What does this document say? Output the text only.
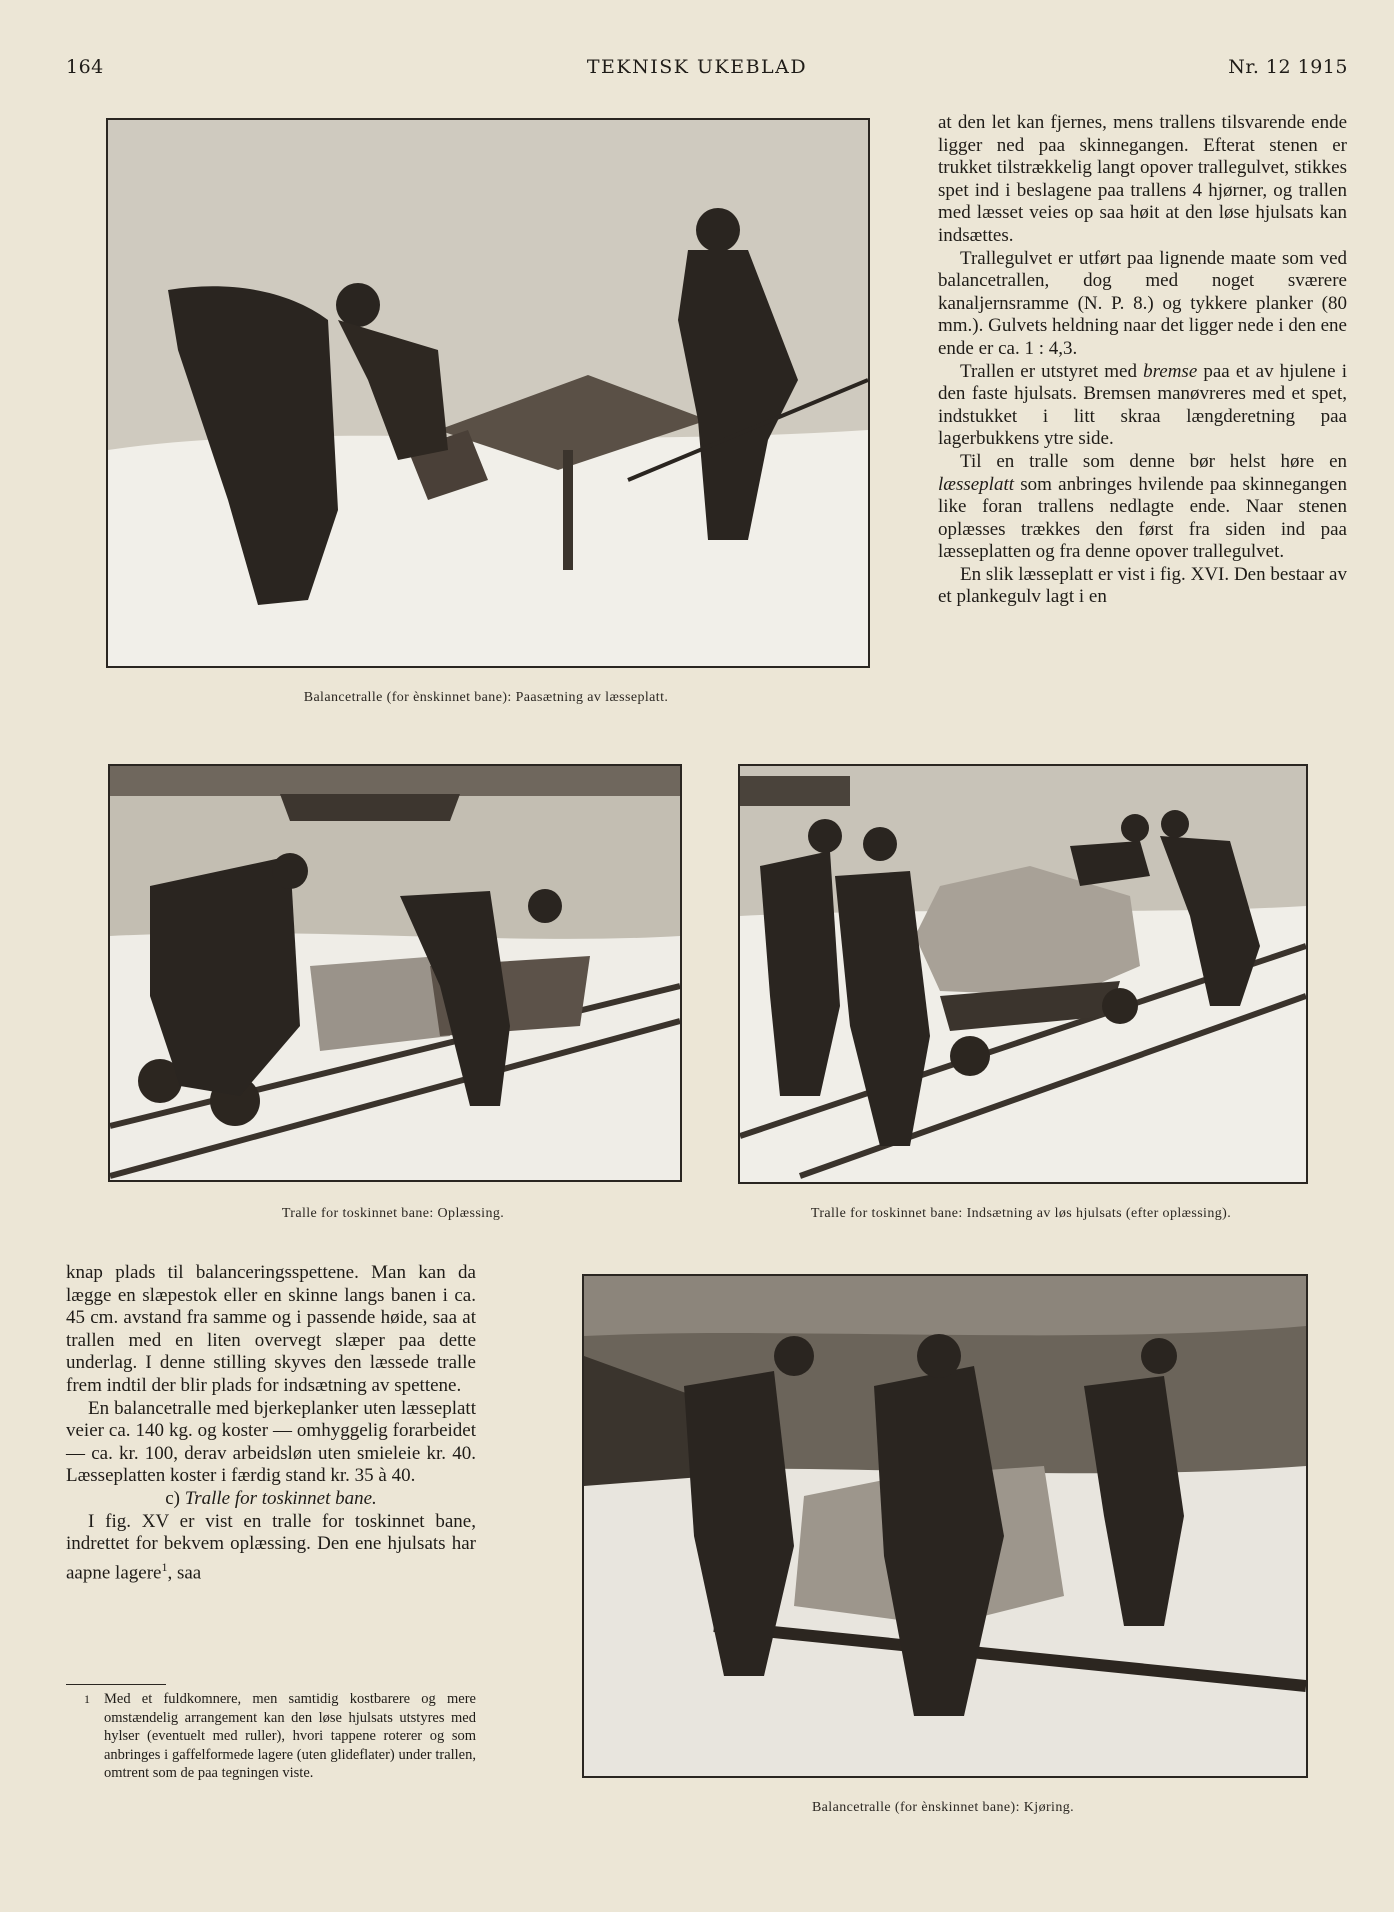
164	TEKNISK UKEBLAD	Nr. 12 1915
Balancetralle (for ènskinnet bane): Paasætning av læsseplatt.
Tralle for toskinnet bane: Oplæssing.	Tralle for toskinnet bane: Indsætning av løs hjulsats (efter oplæssing).
Balancetralle (for ènskinnet bane): Kjøring.

at den let kan fjernes, mens trallens tilsvarende ende ligger ned paa skinnegangen. Efterat stenen er trukket tilstrækkelig langt opover trallegulvet, stikkes spet ind i beslagene paa trallens 4 hjørner, og trallen med læsset veies op saa høit at den løse hjulsats kan indsættes.

Trallegulvet er utført paa lignende maate som ved balancetrallen, dog med noget sværere kanaljernsramme (N. P. 8.) og tykkere planker (80 mm.). Gulvets heldning naar det ligger nede i den ene ende er ca. 1 : 4,3.

Trallen er utstyret med bremse paa et av hjulene i den faste hjulsats. Bremsen manøvreres med et spet, indstukket i litt skraa længderetning paa lagerbukkens ytre side.

Til en tralle som denne bør helst høre en læsseplatt som anbringes hvilende paa skinnegangen like foran trallens nedlagte ende. Naar stenen oplæsses trækkes den først fra siden ind paa læsseplatten og fra denne opover trallegulvet.

En slik læsseplatt er vist i fig. XVI. Den bestaar av et plankegulv lagt i en

knap plads til balanceringsspettene. Man kan da lægge en slæpestok eller en skinne langs banen i ca. 45 cm. avstand fra samme og i passende høide, saa at trallen med en liten overvegt slæper paa dette underlag. I denne stilling skyves den læssede tralle frem indtil der blir plads for indsætning av spettene.

En balancetralle med bjerkeplanker uten læsseplatt veier ca. 140 kg. og koster — omhyggelig forarbeidet — ca. kr. 100, derav arbeidsløn uten smieleie kr. 40. Læsseplatten koster i færdig stand kr. 35 à 40.

c) Tralle for toskinnet bane.

I fig. XV er vist en tralle for toskinnet bane, indrettet for bekvem oplæssing. Den ene hjulsats har aapne lagere$^1$, saa

1 Med et fuldkomnere, men samtidig kostbarere og mere omstændelig arrangement kan den løse hjulsats utstyres med hylser (eventuelt med ruller), hvori tappene roterer og som anbringes i gaffelformede lagere (uten glideflater) under trallen, omtrent som de paa tegningen viste.
